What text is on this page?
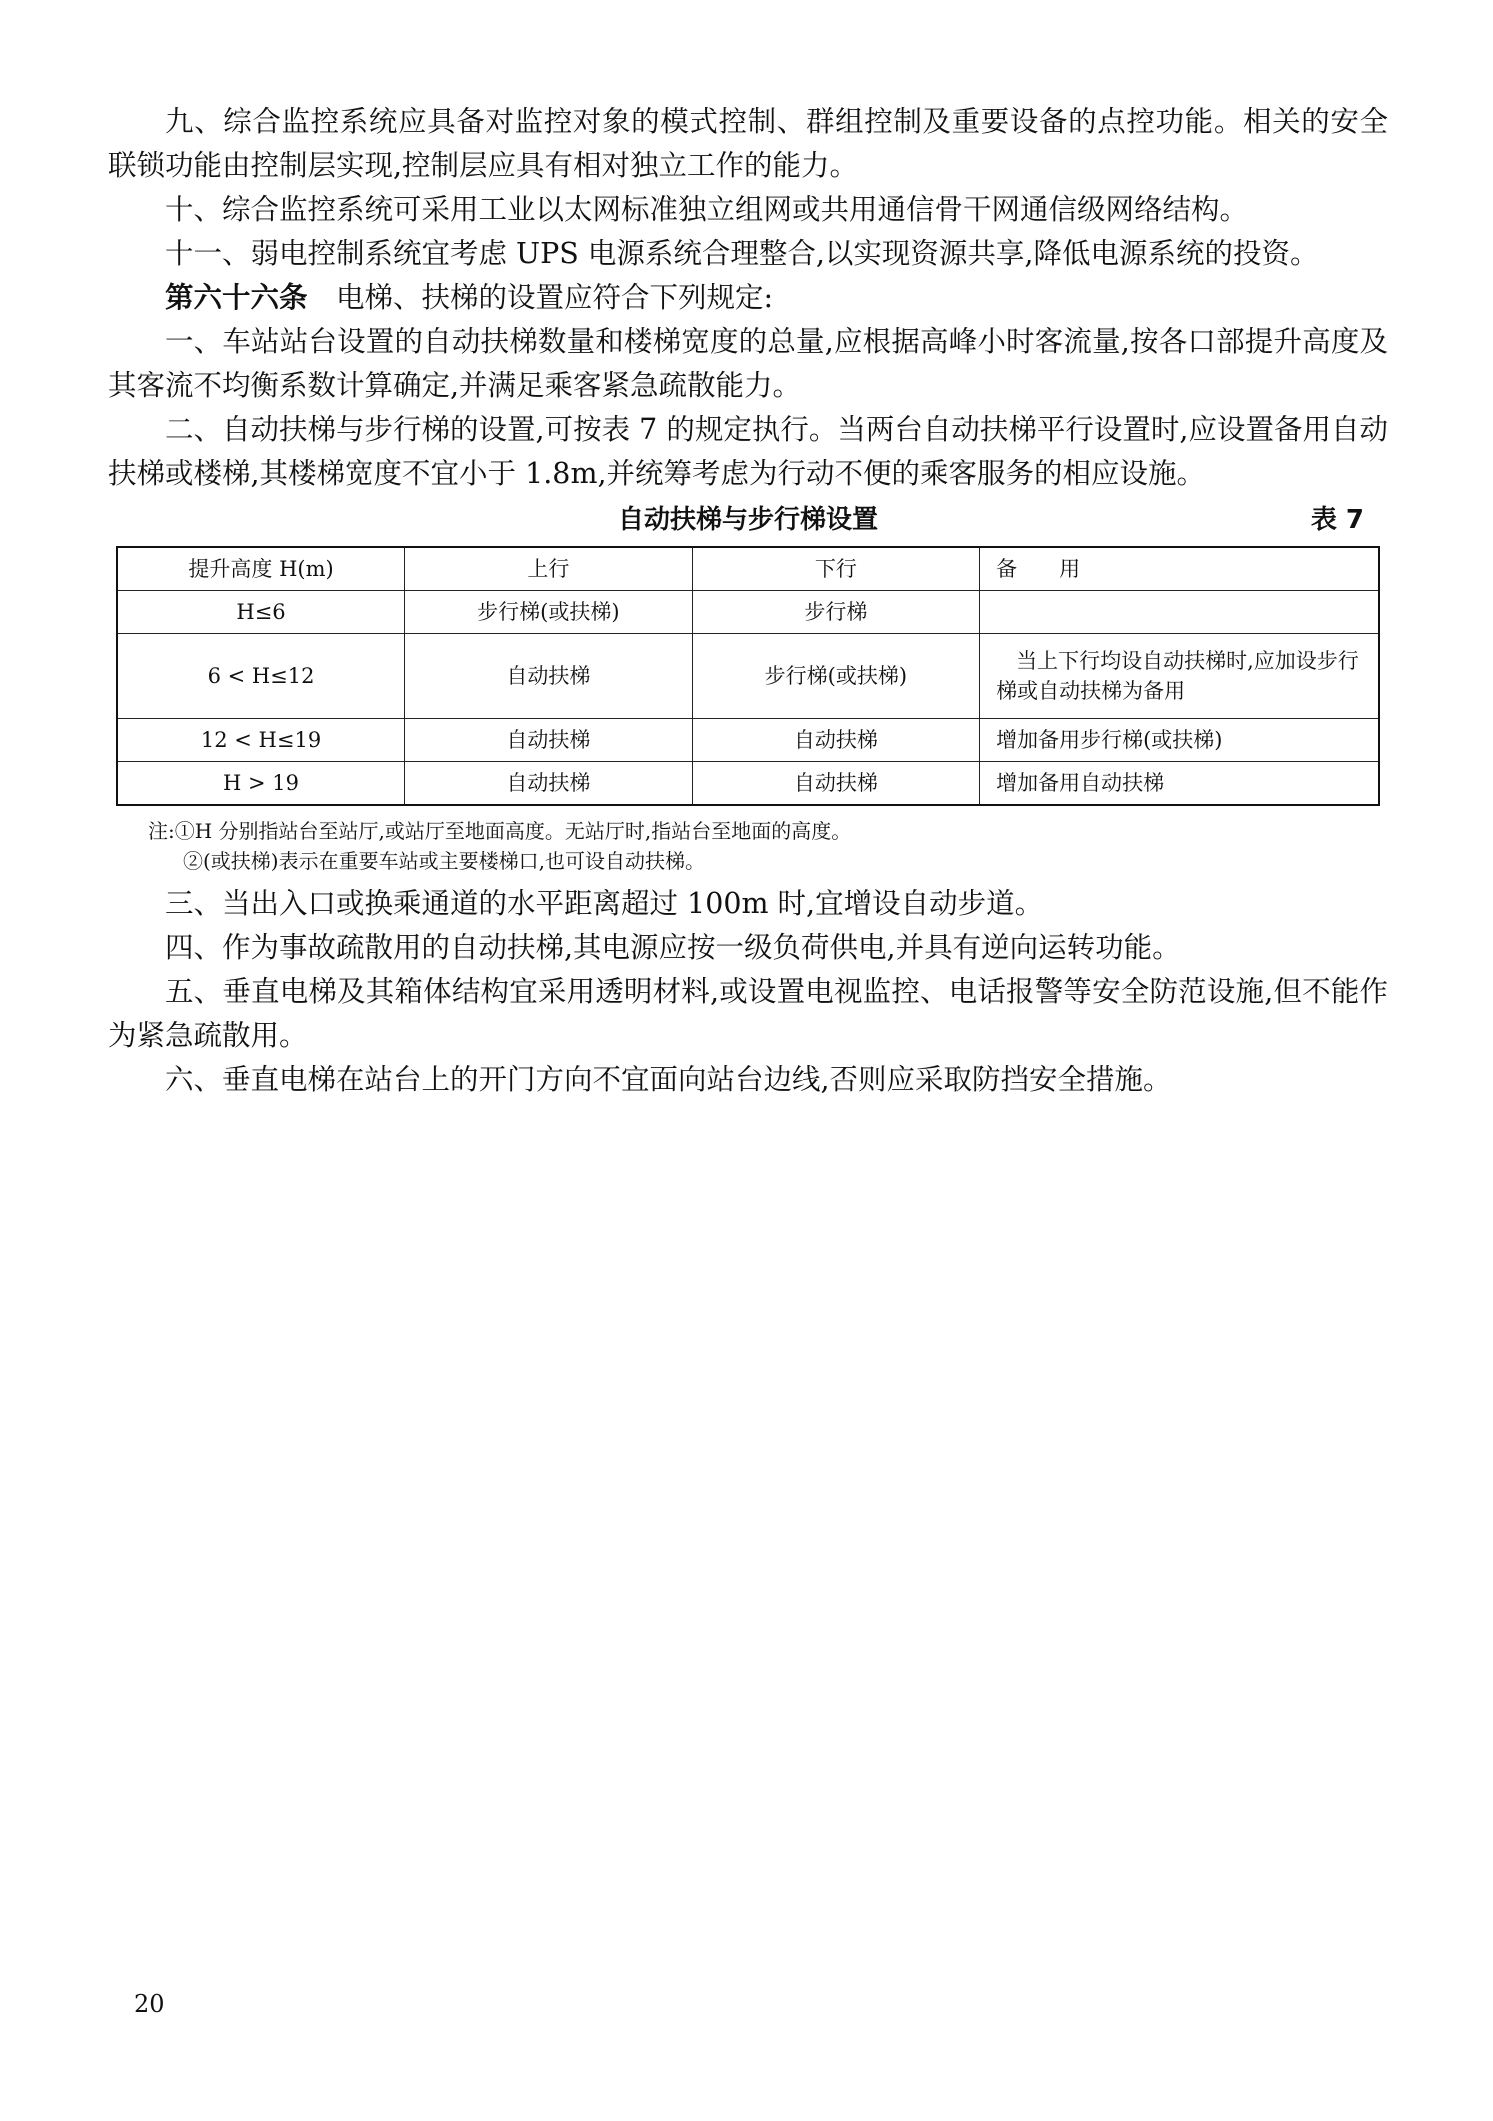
九、综合监控系统应具备对监控对象的模式控制、群组控制及重要设备的点控功能。相关的安全联锁功能由控制层实现,控制层应具有相对独立工作的能力。

十、综合监控系统可采用工业以太网标准独立组网或共用通信骨干网通信级网络结构。

十一、弱电控制系统宜考虑 UPS 电源系统合理整合,以实现资源共享,降低电源系统的投资。

第六十六条　电梯、扶梯的设置应符合下列规定:

一、车站站台设置的自动扶梯数量和楼梯宽度的总量,应根据高峰小时客流量,按各口部提升高度及其客流不均衡系数计算确定,并满足乘客紧急疏散能力。

二、自动扶梯与步行梯的设置,可按表 7 的规定执行。当两台自动扶梯平行设置时,应设置备用自动扶梯或楼梯,其楼梯宽度不宜小于 1.8m,并统筹考虑为行动不便的乘客服务的相应设施。

自动扶梯与步行梯设置	表 7
提升高度 H(m)	上行	下行	备　　用
H≤6	步行梯(或扶梯)	步行梯	
6 < H≤12	自动扶梯	步行梯(或扶梯)	当上下行均设自动扶梯时,应加设步行梯或自动扶梯为备用
12 < H≤19	自动扶梯	自动扶梯	增加备用步行梯(或扶梯)
H > 19	自动扶梯	自动扶梯	增加备用自动扶梯
注:①H 分别指站台至站厅,或站厅至地面高度。无站厅时,指站台至地面的高度。
②(或扶梯)表示在重要车站或主要楼梯口,也可设自动扶梯。

三、当出入口或换乘通道的水平距离超过 100m 时,宜增设自动步道。

四、作为事故疏散用的自动扶梯,其电源应按一级负荷供电,并具有逆向运转功能。

五、垂直电梯及其箱体结构宜采用透明材料,或设置电视监控、电话报警等安全防范设施,但不能作为紧急疏散用。

六、垂直电梯在站台上的开门方向不宜面向站台边线,否则应采取防挡安全措施。

20
